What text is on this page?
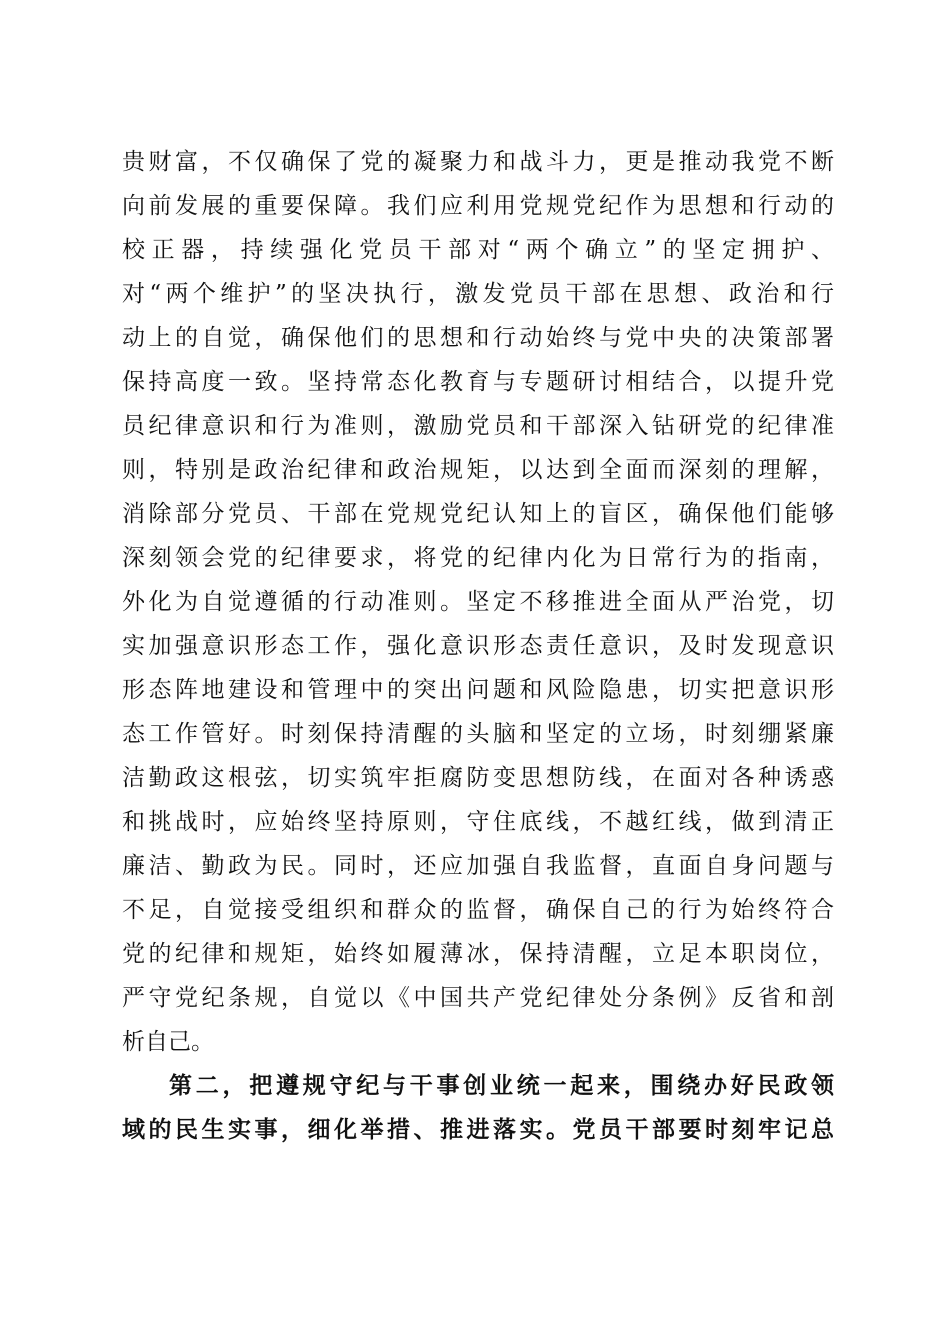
贵财富，不仅确保了党的凝聚力和战斗力，更是推动我党不断
向前发展的重要保障。我们应利用党规党纪作为思想和行动的
校正器，持续强化党员干部对“两个确立”的坚定拥护、
对“两个维护”的坚决执行，激发党员干部在思想、政治和行
动上的自觉，确保他们的思想和行动始终与党中央的决策部署
保持高度一致。坚持常态化教育与专题研讨相结合，以提升党
员纪律意识和行为准则，激励党员和干部深入钻研党的纪律准
则，特别是政治纪律和政治规矩，以达到全面而深刻的理解，
消除部分党员、干部在党规党纪认知上的盲区，确保他们能够
深刻领会党的纪律要求，将党的纪律内化为日常行为的指南，
外化为自觉遵循的行动准则。坚定不移推进全面从严治党，切
实加强意识形态工作，强化意识形态责任意识，及时发现意识
形态阵地建设和管理中的突出问题和风险隐患，切实把意识形
态工作管好。时刻保持清醒的头脑和坚定的立场，时刻绷紧廉
洁勤政这根弦，切实筑牢拒腐防变思想防线，在面对各种诱惑
和挑战时，应始终坚持原则，守住底线，不越红线，做到清正
廉洁、勤政为民。同时，还应加强自我监督，直面自身问题与
不足，自觉接受组织和群众的监督，确保自己的行为始终符合
党的纪律和规矩，始终如履薄冰，保持清醒，立足本职岗位，
严守党纪条规，自觉以《中国共产党纪律处分条例》反省和剖
析自己。
第二，把遵规守纪与干事创业统一起来，围绕办好民政领
域的民生实事，细化举措、推进落实。党员干部要时刻牢记总
